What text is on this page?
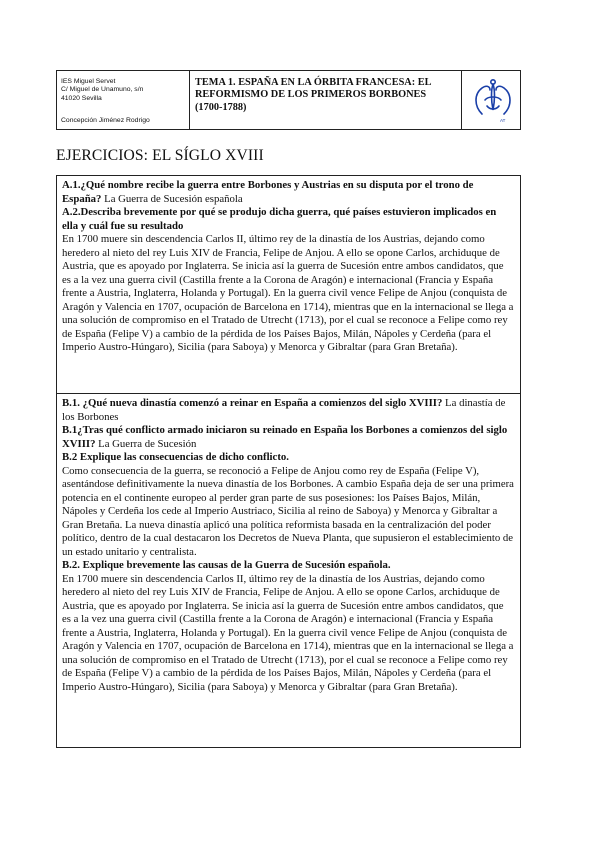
IES Miguel Servet
C/ Miguel de Unamuno, s/n
41020 Sevilla
Concepción Jiménez Rodrigo
TEMA 1. ESPAÑA EN LA ÓRBITA FRANCESA: EL REFORMISMO DE LOS PRIMEROS BORBONES (1700-1788)
AT
EJERCICIOS: EL SÍGLO XVIII

A.1.¿Qué nombre recibe la guerra entre Borbones y Austrias en su disputa por el trono de España? La Guerra de Sucesión española

A.2.Describa brevemente por qué se produjo dicha guerra, qué países estuvieron implicados en ella y cuál fue su resultado

En 1700 muere sin descendencia Carlos II, último rey de la dinastía de los Austrias, dejando como heredero al nieto del rey Luis XIV de Francia, Felipe de Anjou. A ello se opone Carlos, archiduque de Austria, que es apoyado por Inglaterra. Se inicia así la guerra de Sucesión entre ambos candidatos, que es a la vez una guerra civil (Castilla frente a la Corona de Aragón) e internacional (Francia y España frente a Austria, Inglaterra, Holanda y Portugal). En la guerra civil vence Felipe de Anjou (conquista de Aragón y Valencia en 1707, ocupación de Barcelona en 1714), mientras que en la internacional se llega a una solución de compromiso en el Tratado de Utrecht (1713), por el cual se reconoce a Felipe como rey de España (Felipe V) a cambio de la pérdida de los Países Bajos, Milán, Nápoles y Cerdeña (para el Imperio Austro-Húngaro), Sicilia (para Saboya) y Menorca y Gibraltar (para Gran Bretaña).

B.1. ¿Qué nueva dinastía comenzó a reinar en España a comienzos del siglo XVIII? La dinastía de los Borbones

B.1¿Tras qué conflicto armado iniciaron su reinado en España los Borbones a comienzos del siglo XVIII? La Guerra de Sucesión

B.2 Explique las consecuencias de dicho conflicto.

Como consecuencia de la guerra, se reconoció a Felipe de Anjou como rey de España (Felipe V), asentándose definitivamente la nueva dinastía de los Borbones. A cambio España deja de ser una primera potencia en el continente europeo al perder gran parte de sus posesiones: los Países Bajos, Milán, Nápoles y Cerdeña los cede al Imperio Austriaco, Sicilia al reino de Saboya) y Menorca y Gibraltar a Gran Bretaña. La nueva dinastía aplicó una política reformista basada en la centralización del poder político, dentro de la cual destacaron los Decretos de Nueva Planta, que supusieron el establecimiento de un estado unitario y centralista.

B.2. Explique brevemente las causas de la Guerra de Sucesión española.

En 1700 muere sin descendencia Carlos II, último rey de la dinastía de los Austrias, dejando como heredero al nieto del rey Luis XIV de Francia, Felipe de Anjou. A ello se opone Carlos, archiduque de Austria, que es apoyado por Inglaterra. Se inicia así la guerra de Sucesión entre ambos candidatos, que es a la vez una guerra civil (Castilla frente a la Corona de Aragón) e internacional (Francia y España frente a Austria, Inglaterra, Holanda y Portugal). En la guerra civil vence Felipe de Anjou (conquista de Aragón y Valencia en 1707, ocupación de Barcelona en 1714), mientras que en la internacional se llega a una solución de compromiso en el Tratado de Utrecht (1713), por el cual se reconoce a Felipe como rey de España (Felipe V) a cambio de la pérdida de los Países Bajos, Milán, Nápoles y Cerdeña (para el Imperio Austro-Húngaro), Sicilia (para Saboya) y Menorca y Gibraltar (para Gran Bretaña).
